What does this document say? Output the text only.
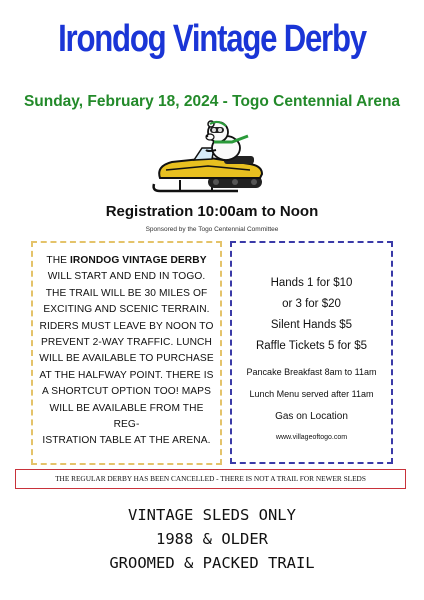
Irondog Vintage Derby
Sunday, February 18, 2024 - Togo Centennial Arena
Registration 10:00am to Noon
Sponsored by the Togo Centennial Committee

THE IRONDOG VINTAGE DERBY
WILL START AND END IN TOGO.
THE TRAIL WILL BE 30 MILES OF
EXCITING AND SCENIC TERRAIN.
RIDERS MUST LEAVE BY NOON TO
PREVENT 2-WAY TRAFFIC. LUNCH
WILL BE AVAILABLE TO PURCHASE
AT THE HALFWAY POINT. THERE IS
A SHORTCUT OPTION TOO! MAPS
WILL BE AVAILABLE FROM THE REG-
ISTRATION TABLE AT THE ARENA.

Hands 1 for $10
or 3 for $20
Silent Hands $5
Raffle Tickets 5 for $5
Pancake Breakfast 8am to 11am
Lunch Menu served after 11am
Gas on Location
www.villageoftogo.com
THE REGULAR DERBY HAS BEEN CANCELLED - THERE IS NOT A TRAIL FOR NEWER SLEDS
VINTAGE SLEDS ONLY
1988 & OLDER
GROOMED & PACKED TRAIL
